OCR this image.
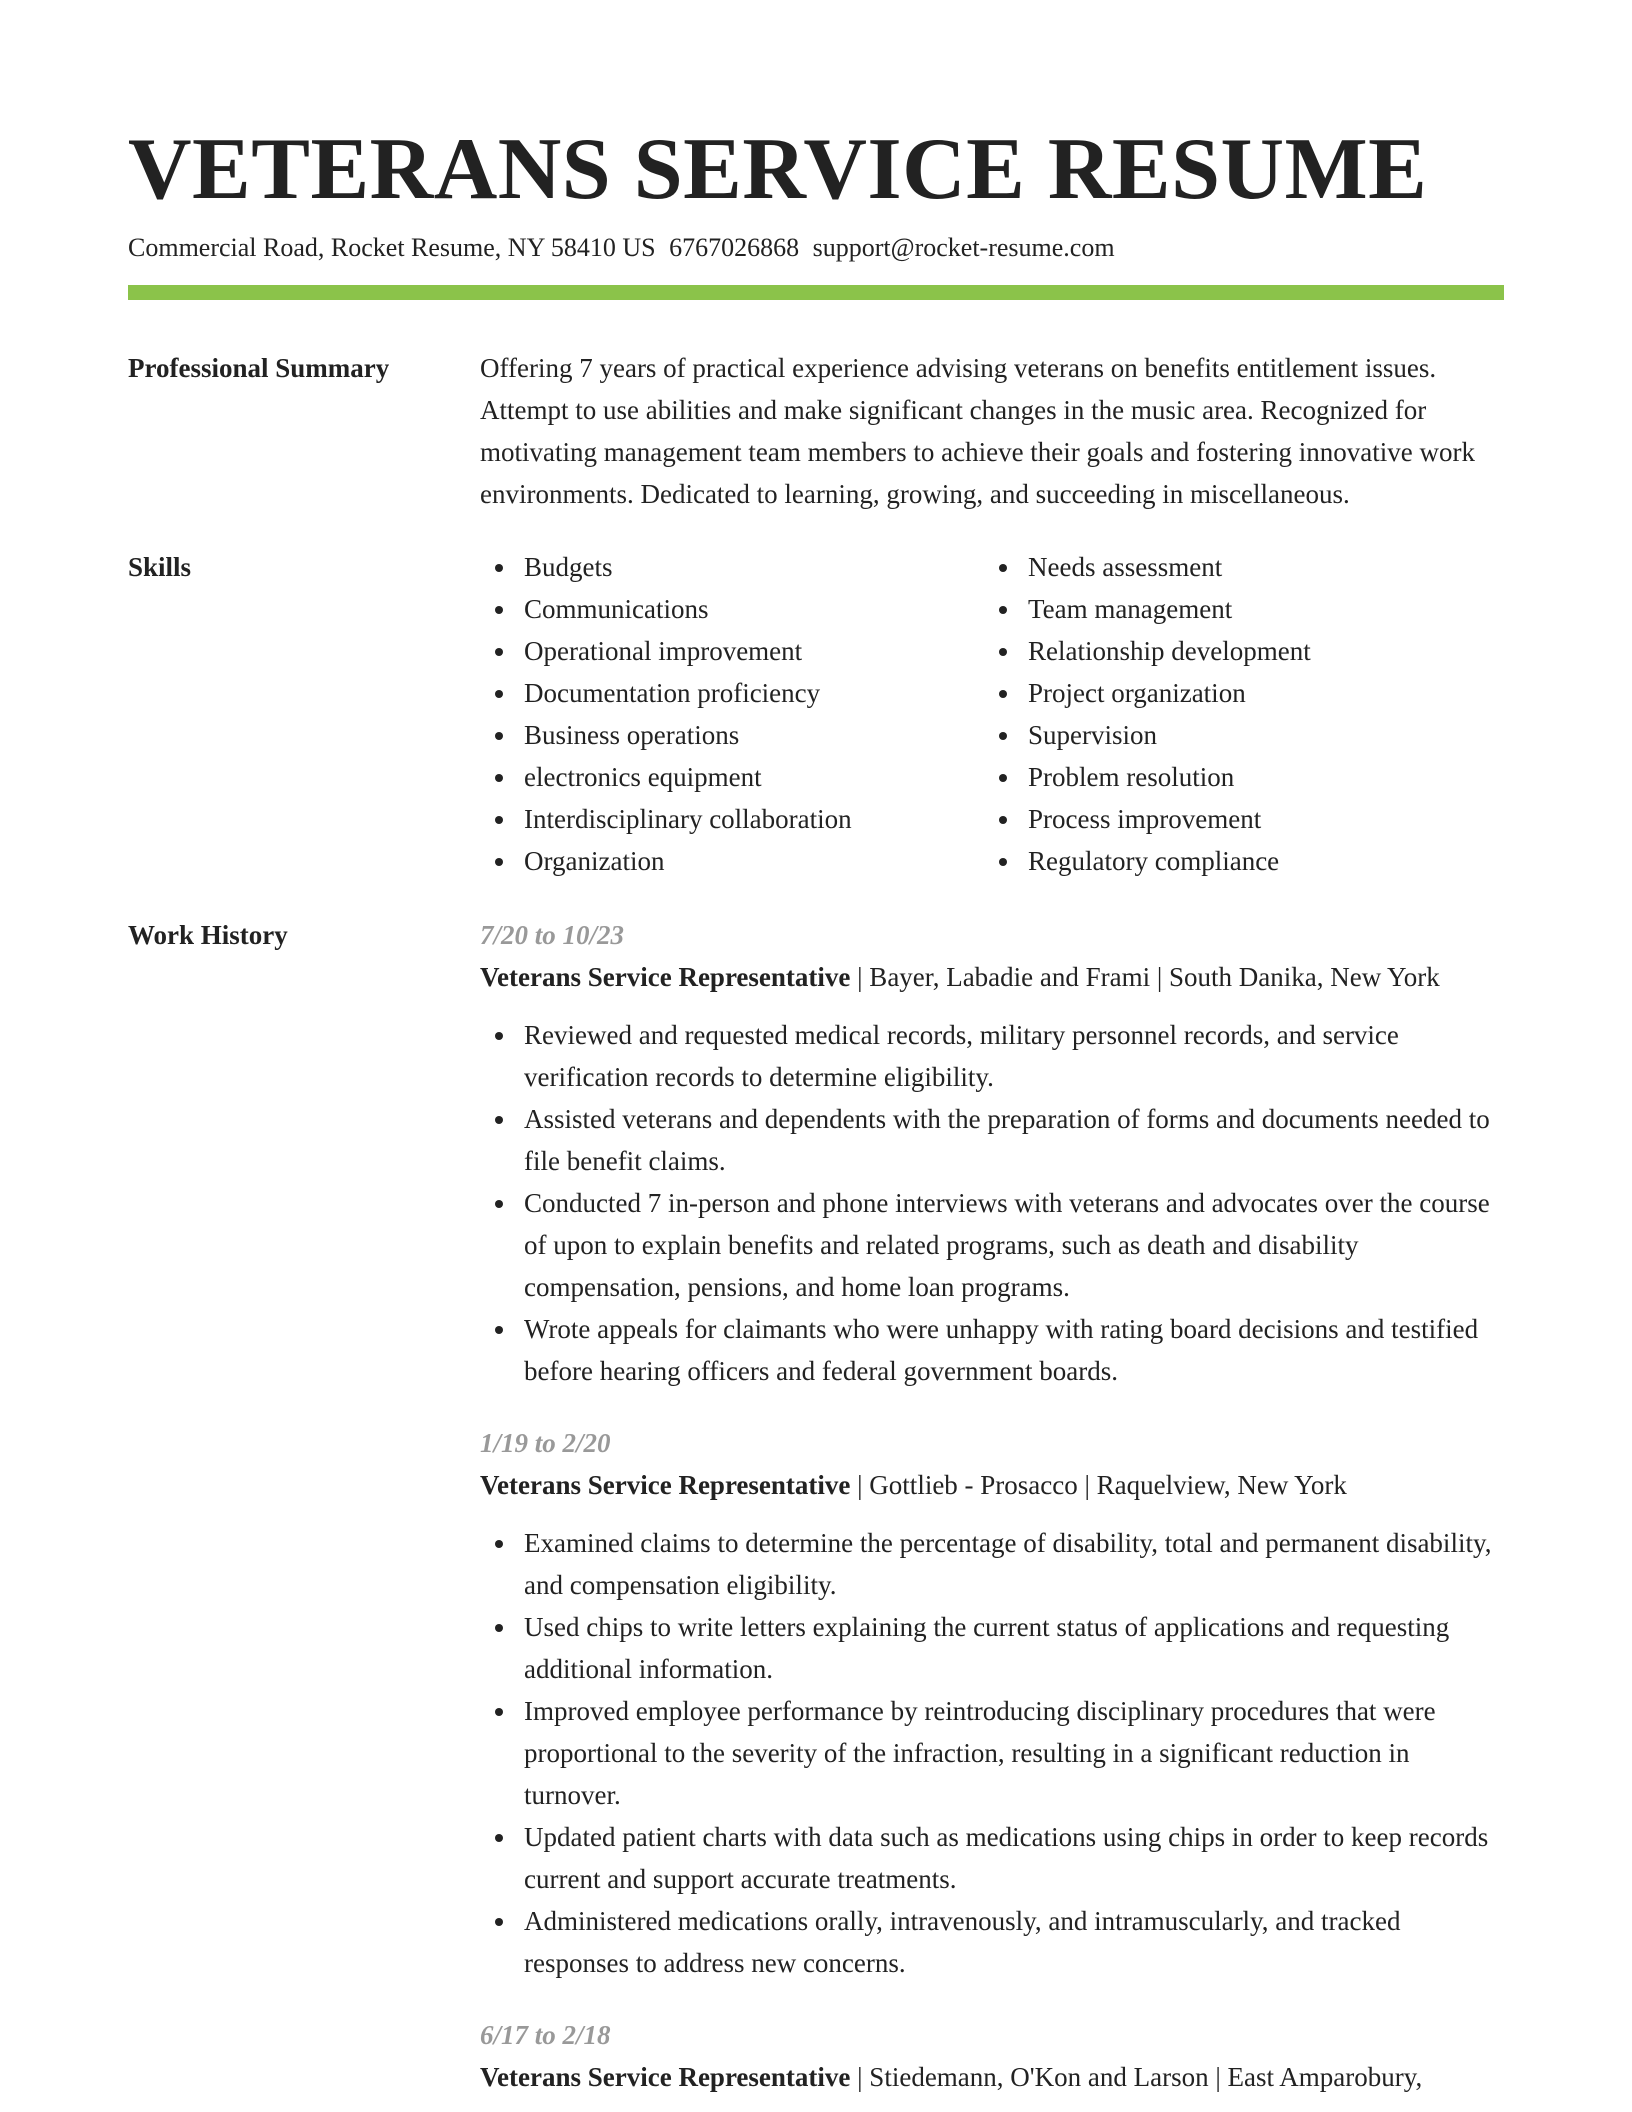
VETERANS SERVICE RESUME
Commercial Road, Rocket Resume, NY 58410 US 6767026868 support@rocket-resume.com
Professional Summary	Offering 7 years of practical experience advising veterans on benefits entitlement issues. Attempt to use abilities and make significant changes in the music area. Recognized for motivating management team members to achieve their goals and fostering innovative work environments. Dedicated to learning, growing, and succeeding in miscellaneous.

Skills	Budgets
Communications
Operational improvement
Documentation proficiency
Business operations
electronics equipment
Interdisciplinary collaboration
Organization
Needs assessment
Team management
Relationship development
Project organization
Supervision
Problem resolution
Process improvement
Regulatory compliance
Work History	7/20 to 10/23
Veterans Service Representative | Bayer, Labadie and Frami | South Danika, New York
Reviewed and requested medical records, military personnel records, and service verification records to determine eligibility.
Assisted veterans and dependents with the preparation of forms and documents needed to file benefit claims.
Conducted 7 in-person and phone interviews with veterans and advocates over the course of upon to explain benefits and related programs, such as death and disability compensation, pensions, and home loan programs.
Wrote appeals for claimants who were unhappy with rating board decisions and testified before hearing officers and federal government boards.
1/19 to 2/20
Veterans Service Representative | Gottlieb - Prosacco | Raquelview, New York
Examined claims to determine the percentage of disability, total and permanent disability, and compensation eligibility.
Used chips to write letters explaining the current status of applications and requesting additional information.
Improved employee performance by reintroducing disciplinary procedures that were proportional to the severity of the infraction, resulting in a significant reduction in turnover.
Updated patient charts with data such as medications using chips in order to keep records current and support accurate treatments.
Administered medications orally, intravenously, and intramuscularly, and tracked responses to address new concerns.
6/17 to 2/18
Veterans Service Representative | Stiedemann, O'Kon and Larson | East Amparobury,
